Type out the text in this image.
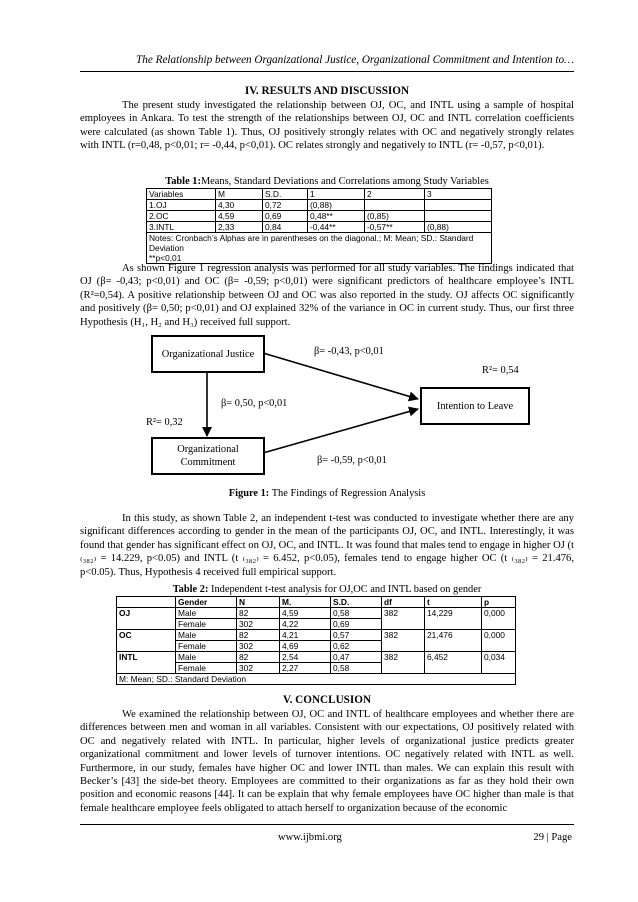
The Relationship between Organizational Justice, Organizational Commitment and Intention to…
IV. RESULTS AND DISCUSSION

The present study investigated the relationship between OJ, OC, and INTL using a sample of hospital employees in Ankara. To test the strength of the relationships between OJ, OC and INTL correlation coefficients were calculated (as shown Table 1). Thus, OJ positively strongly relates with OC and negatively strongly relates with INTL (r=0,48, p<0,01; r= -0,44, p<0,01). OC relates strongly and negatively to INTL (r= -0,57, p<0,01).

Table 1:Means, Standard Deviations and Correlations among Study Variables
Variables	M	S.D.	1	2	3
1.OJ	4,30	0,72	(0,88)		
2.OC	4,59	0,69	0,48**	(0,85)	
3.INTL	2,33	0,84	-0,44**	-0,57**	(0,88)
Notes: Cronbach’s Alphas are in parentheses on the diagonal.; M: Mean; SD.: Standard Deviation
**p<0,01					

As shown Figure 1 regression analysis was performed for all study variables. The findings indicated that OJ (β= -0,43; p<0,01) and OC (β= -0,59; p<0,01) were significant predictors of healthcare employee’s INTL (R²=0,54). A positive relationship between OJ and OC was also reported in the study. OJ affects OC significantly and positively (β= 0,50; p<0,01) and OJ explained 32% of the variance in OC in current study. Thus, our first three Hypothesis (H₁, H₂ and H₃) received full support.

Organizational Justice
Organizational Commitment
Intention to Leave
β= -0,43, p<0,01
R²= 0,54
β= 0,50, p<0,01
R²= 0,32
β= -0,59, p<0,01
Figure 1: The Findings of Regression Analysis

In this study, as shown Table 2, an independent t-test was conducted to investigate whether there are any significant differences according to gender in the mean of the participants OJ, OC, and INTL. Interestingly, it was found that gender has significant effect on OJ, OC, and INTL. It was found that males tend to engage in higher OJ (t ₍₃₈₂₎ = 14.229, p<0.05) and INTL (t ₍₃₈₂₎ = 6.452, p<0.05), females tend to engage higher OC (t ₍₃₈₂₎ = 21.476, p<0.05). Thus, Hypothesis 4 received full empirical support.

Table 2: Independent t-test analysis for OJ,OC and INTL based on gender
	Gender	N	M.	S.D.	df	t	p
OJ	Male	82	4,59	0,58	382	14,229	0,000
	Female	302	4,22	0,69			
OC	Male	82	4,21	0,57	382	21,476	0,000
	Female	302	4,69	0,62			
INTL	Male	82	2,54	0,47	382	6,452	0,034
	Female	302	2,27	0,58			
M: Mean; SD.: Standard Deviation							
V. CONCLUSION

We examined the relationship between OJ, OC and INTL of healthcare employees and whether there are differences between men and woman in all variables. Consistent with our expectations, OJ positively related with OC and negatively related with INTL. In particular, higher levels of organizational justice predicts greater organizational commitment and lower levels of turnover intentions. OC negatively related with INTL as well. Furthermore, in our study, females have higher OC and lower INTL than males. We can explain this result with Becker’s [43] the side-bet theory. Employees are committed to their organizations as far as they hold their own position and economic reasons [44]. It can be explain that why female employees have OC higher than male is that female healthcare employee feels obligated to attach herself to organization because of the economic

www.ijbmi.org	29 | Page
